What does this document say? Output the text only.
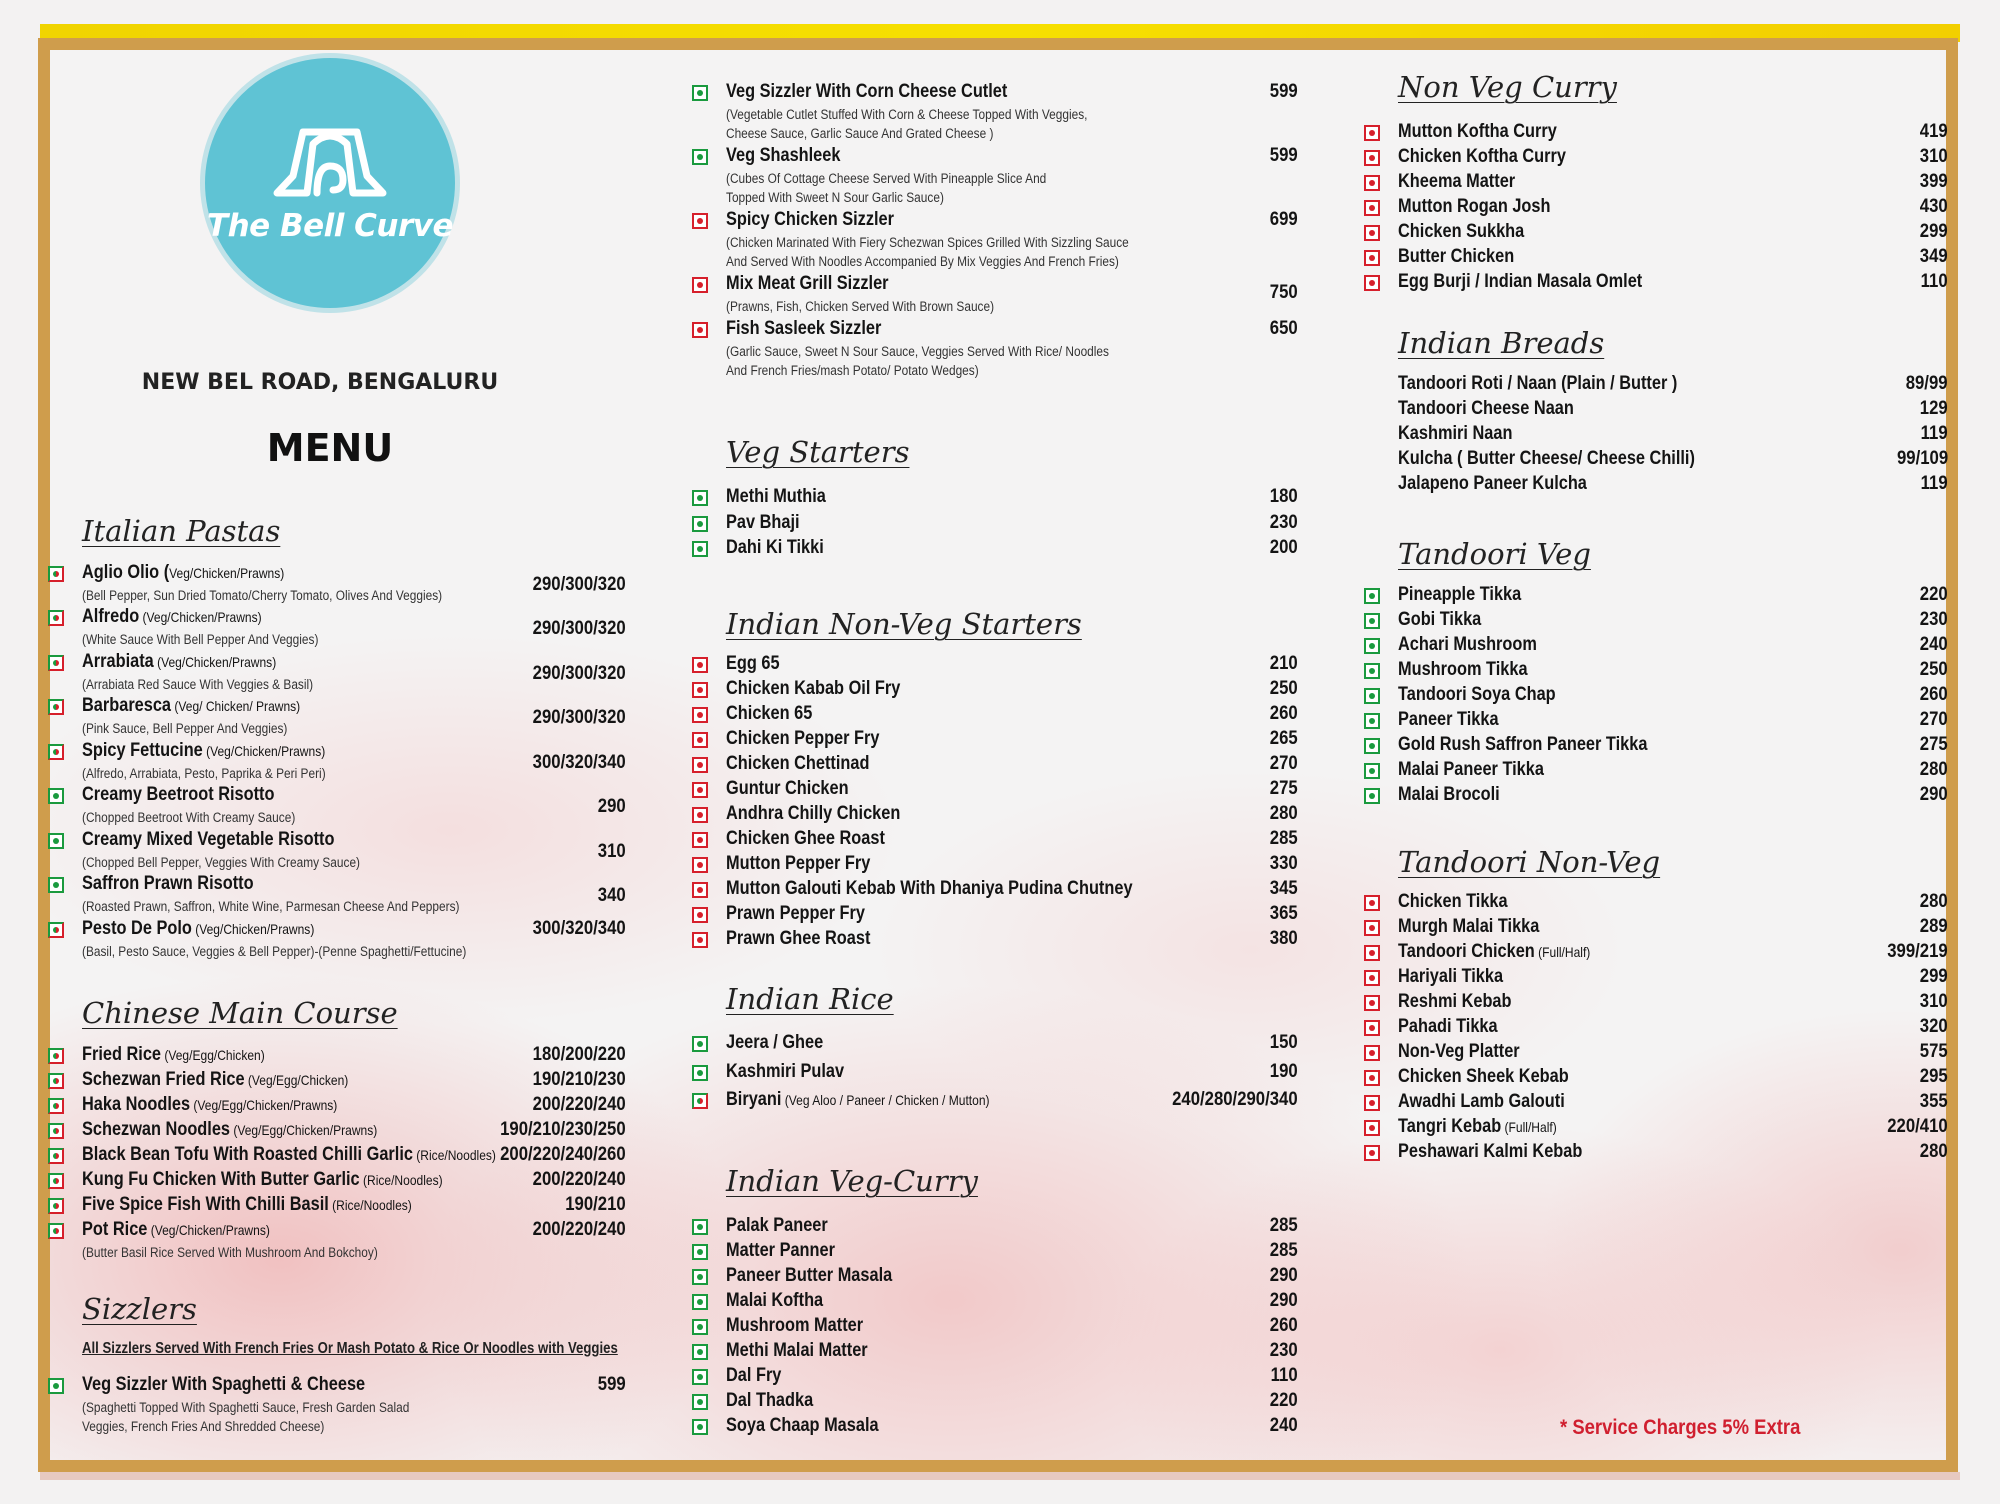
The Bell Curve
NEW BEL ROAD, BENGALURU
MENU
Italian Pastas
Chinese Main Course
Sizzlers
All Sizzlers Served With French Fries Or Mash Potato & Rice Or Noodles with Veggies
Veg Starters
Indian Non-Veg Starters
Indian Rice
Indian Veg-Curry
Non Veg Curry
Indian Breads
Tandoori Veg
Tandoori Non-Veg
Aglio Olio (Veg/Chicken/Prawns)
(Bell Pepper, Sun Dried Tomato/Cherry Tomato, Olives And Veggies)
290/300/320
Alfredo (Veg/Chicken/Prawns)
(White Sauce With Bell Pepper And Veggies)
290/300/320
Arrabiata (Veg/Chicken/Prawns)
(Arrabiata Red Sauce With Veggies & Basil)
290/300/320
Barbaresca (Veg/ Chicken/ Prawns)
(Pink Sauce, Bell Pepper And Veggies)
290/300/320
Spicy Fettucine (Veg/Chicken/Prawns)
(Alfredo, Arrabiata, Pesto, Paprika & Peri Peri)
300/320/340
Creamy Beetroot Risotto
(Chopped Beetroot With Creamy Sauce)
290
Creamy Mixed Vegetable Risotto
(Chopped Bell Pepper, Veggies With Creamy Sauce)
310
Saffron Prawn Risotto
(Roasted Prawn, Saffron, White Wine, Parmesan Cheese And Peppers)
340
Pesto De Polo (Veg/Chicken/Prawns)
(Basil, Pesto Sauce, Veggies & Bell Pepper)-(Penne Spaghetti/Fettucine)
300/320/340
Fried Rice (Veg/Egg/Chicken)	180/200/220
Schezwan Fried Rice (Veg/Egg/Chicken)	190/210/230
Haka Noodles (Veg/Egg/Chicken/Prawns)	200/220/240
Schezwan Noodles (Veg/Egg/Chicken/Prawns)	190/210/230/250
Black Bean Tofu With Roasted Chilli Garlic (Rice/Noodles) 200/220/240/260
Kung Fu Chicken With Butter Garlic (Rice/Noodles)	200/220/240
Five Spice Fish With Chilli Basil (Rice/Noodles)	190/210
Pot Rice (Veg/Chicken/Prawns)
(Butter Basil Rice Served With Mushroom And Bokchoy)
200/220/240
Veg Sizzler With Spaghetti & Cheese
(Spaghetti Topped With Spaghetti Sauce, Fresh Garden Salad
Veggies, French Fries And Shredded Cheese)
599
Veg Sizzler With Corn Cheese Cutlet
(Vegetable Cutlet Stuffed With Corn & Cheese Topped With Veggies,
Cheese Sauce, Garlic Sauce And Grated Cheese )
599
Veg Shashleek
(Cubes Of Cottage Cheese Served With Pineapple Slice And
Topped With Sweet N Sour Garlic Sauce)
599
Spicy Chicken Sizzler
(Chicken Marinated With Fiery Schezwan Spices Grilled With Sizzling Sauce
And Served With Noodles Accompanied By Mix Veggies And French Fries)
699
Mix Meat Grill Sizzler
(Prawns, Fish, Chicken Served With Brown Sauce)
750
Fish Sasleek Sizzler
(Garlic Sauce, Sweet N Sour Sauce, Veggies Served With Rice/ Noodles
And French Fries/mash Potato/ Potato Wedges)
650
Methi Muthia	180
Pav Bhaji	230
Dahi Ki Tikki	200
Egg 65	210
Chicken Kabab Oil Fry	250
Chicken 65	260
Chicken Pepper Fry	265
Chicken Chettinad	270
Guntur Chicken	275
Andhra Chilly Chicken	280
Chicken Ghee Roast	285
Mutton Pepper Fry	330
Mutton Galouti Kebab With Dhaniya Pudina Chutney	345
Prawn Pepper Fry	365
Prawn Ghee Roast	380
Jeera / Ghee	150
Kashmiri Pulav	190
Biryani (Veg Aloo / Paneer / Chicken / Mutton)	240/280/290/340
Palak Paneer	285
Matter Panner	285
Paneer Butter Masala	290
Malai Koftha	290
Mushroom Matter	260
Methi Malai Matter	230
Dal Fry	110
Dal Thadka	220
Soya Chaap Masala	240
Mutton Koftha Curry	419
Chicken Koftha Curry	310
Kheema Matter	399
Mutton Rogan Josh	430
Chicken Sukkha	299
Butter Chicken	349
Egg Burji / Indian Masala Omlet	110
Tandoori Roti / Naan (Plain / Butter )	89/99
Tandoori Cheese Naan	129
Kashmiri Naan	119
Kulcha ( Butter Cheese/ Cheese Chilli)	99/109
Jalapeno Paneer Kulcha	119
Pineapple Tikka	220
Gobi Tikka	230
Achari Mushroom	240
Mushroom Tikka	250
Tandoori Soya Chap	260
Paneer Tikka	270
Gold Rush Saffron Paneer Tikka	275
Malai Paneer Tikka	280
Malai Brocoli	290
Chicken Tikka	280
Murgh Malai Tikka	289
Tandoori Chicken (Full/Half)	399/219
Hariyali Tikka	299
Reshmi Kebab	310
Pahadi Tikka	320
Non-Veg Platter	575
Chicken Sheek Kebab	295
Awadhi Lamb Galouti	355
Tangri Kebab (Full/Half)	220/410
Peshawari Kalmi Kebab	280
* Service Charges 5% Extra
